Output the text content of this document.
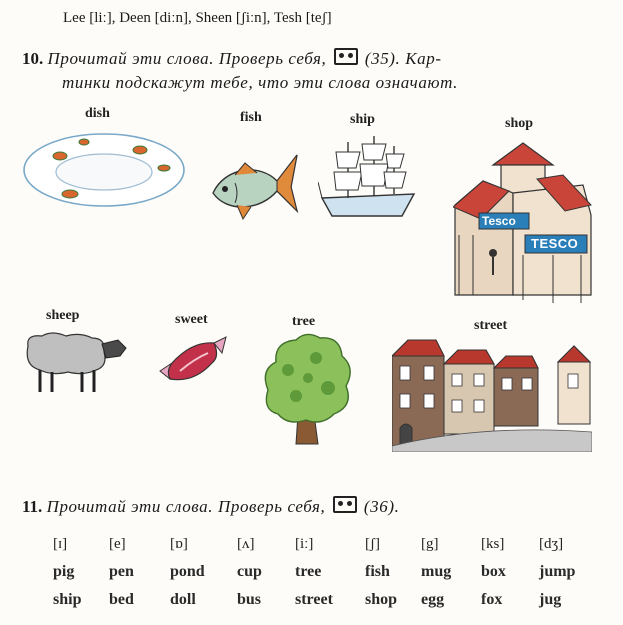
Lee [liː], Deen [diːn], Sheen [ʃiːn], Tesh [teʃ]
10. Прочитай эти слова. Проверь себя, (35). Кар-
тинки подскажут тебе, что эти слова означают.
dish	fish	ship	shop
Tesco
TESCO
sheep	sweet	tree	street
11. Прочитай эти слова. Проверь себя, (36).
[ɪ]	[e]	[ɒ]	[ʌ]	[iː]	[ʃ]	[g]	[ks]	[dʒ]
pig	pen	pond	cup	tree	fish	mug	box	jump
ship	bed	doll	bus	street	shop	egg	fox	jug
